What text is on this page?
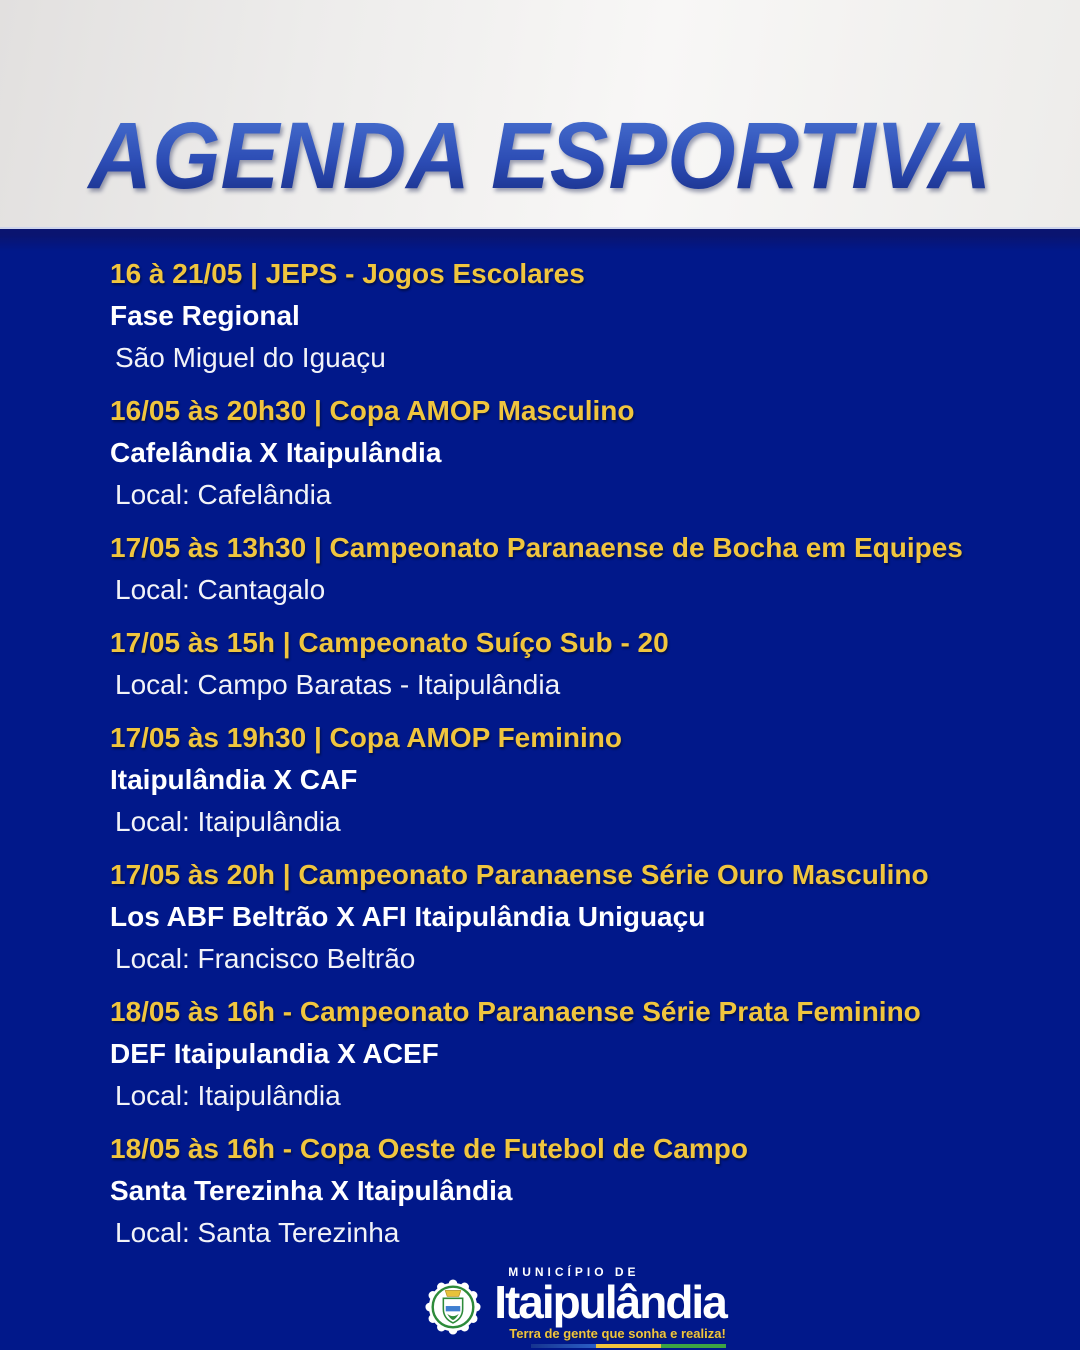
AGENDA ESPORTIVA
16 à 21/05 | JEPS - Jogos Escolares
Fase Regional
São Miguel do Iguaçu
16/05 às 20h30 | Copa AMOP Masculino
Cafelândia X Itaipulândia
Local: Cafelândia
17/05 às 13h30 | Campeonato Paranaense de Bocha em Equipes
Local: Cantagalo
17/05 às 15h | Campeonato Suíço Sub - 20
Local: Campo Baratas - Itaipulândia
17/05 às 19h30 | Copa AMOP Feminino
Itaipulândia X CAF
Local: Itaipulândia
17/05 às 20h | Campeonato Paranaense Série Ouro Masculino
Los ABF Beltrão X AFI Itaipulândia Uniguaçu
Local: Francisco Beltrão
18/05 às 16h - Campeonato Paranaense Série Prata Feminino
DEF Itaipulandia X ACEF
Local: Itaipulândia
18/05 às 16h - Copa Oeste de Futebol de Campo
Santa Terezinha X Itaipulândia
Local: Santa Terezinha
MUNICÍPIO DE
Itaipulândia
Terra de gente que sonha e realiza!
